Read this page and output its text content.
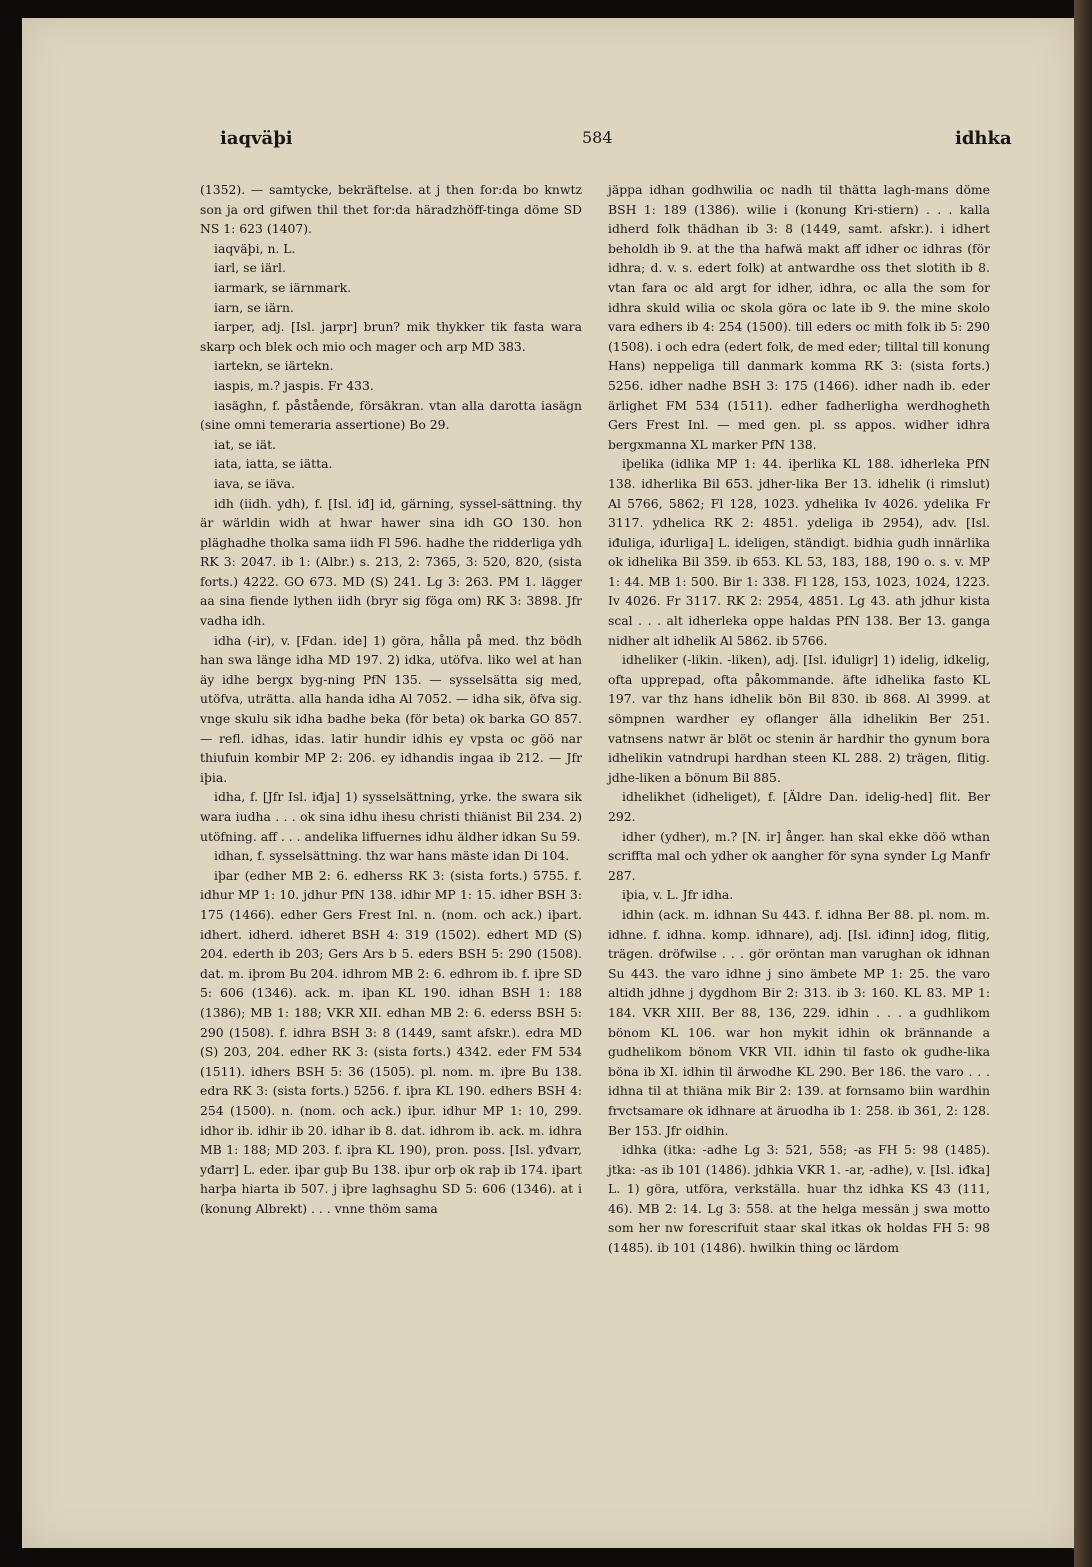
iaqväþi	584	idhka

(1352). — samtycke, bekräftelse. at j then for:da bo knwtz son ja ord gifwen thil thet for:da häradzhöff-tinga döme SD NS 1: 623 (1407).

iaqväþi, n. L.

iarl, se iärl.

iarmark, se iärnmark.

iarn, se iärn.

iarper, adj. [Isl. jarpr] brun? mik thykker tik fasta wara skarp och blek och mio och mager och arp MD 383.

iartekn, se iärtekn.

iaspis, m.? jaspis. Fr 433.

iasäghn, f. påstående, försäkran. vtan alla darotta iasägn (sine omni temeraria assertione) Bo 29.

iat, se iät.

iata, iatta, se iätta.

iava, se iäva.

idh (iidh. ydh), f. [Isl. iđ] id, gärning, syssel-sättning. thy är wärldin widh at hwar hawer sina idh GO 130. hon pläghadhe tholka sama iidh Fl 596. hadhe the ridderliga ydh RK 3: 2047. ib 1: (Albr.) s. 213, 2: 7365, 3: 520, 820, (sista forts.) 4222. GO 673. MD (S) 241. Lg 3: 263. PM 1. lägger aa sina fiende lythen iidh (bryr sig föga om) RK 3: 3898. Jfr vadha idh.

idha (-ir), v. [Fdan. ide] 1) göra, hålla på med. thz bödh han swa länge idha MD 197. 2) idka, utöfva. liko wel at han äy idhe bergx byg-ning PfN 135. — sysselsätta sig med, utöfva, uträtta. alla handa idha Al 7052. — idha sik, öfva sig. vnge skulu sik idha badhe beka (för beta) ok barka GO 857. — refl. idhas, idas. latir hundir idhis ey vpsta oc göö nar thiufuin kombir MP 2: 206. ey idhandis ingaa ib 212. — Jfr iþia.

idha, f. [Jfr Isl. iđja] 1) sysselsättning, yrke. the swara sik wara iudha . . . ok sina idhu ihesu christi thiänist Bil 234. 2) utöfning. aff . . . andelika liffuernes idhu äldher idkan Su 59.

idhan, f. sysselsättning. thz war hans mäste idan Di 104.

iþar (edher MB 2: 6. edherss RK 3: (sista forts.) 5755. f. idhur MP 1: 10. jdhur PfN 138. idhir MP 1: 15. idher BSH 3: 175 (1466). edher Gers Frest Inl. n. (nom. och ack.) iþart. idhert. idherd. idheret BSH 4: 319 (1502). edhert MD (S) 204. ederth ib 203; Gers Ars b 5. eders BSH 5: 290 (1508). dat. m. iþrom Bu 204. idhrom MB 2: 6. edhrom ib. f. iþre SD 5: 606 (1346). ack. m. iþan KL 190. idhan BSH 1: 188 (1386); MB 1: 188; VKR XII. edhan MB 2: 6. ederss BSH 5: 290 (1508). f. idhra BSH 3: 8 (1449, samt afskr.). edra MD (S) 203, 204. edher RK 3: (sista forts.) 4342. eder FM 534 (1511). idhers BSH 5: 36 (1505). pl. nom. m. iþre Bu 138. edra RK 3: (sista forts.) 5256. f. iþra KL 190. edhers BSH 4: 254 (1500). n. (nom. och ack.) iþur. idhur MP 1: 10, 299. idhor ib. idhir ib 20. idhar ib 8. dat. idhrom ib. ack. m. idhra MB 1: 188; MD 203. f. iþra KL 190), pron. poss. [Isl. yđvarr, yđarr] L. eder. iþar guþ Bu 138. iþur orþ ok raþ ib 174. iþart harþa hiarta ib 507. j iþre laghsaghu SD 5: 606 (1346). at i (konung Albrekt) . . . vnne thöm sama

jäppa idhan godhwilia oc nadh til thätta lagh-mans döme BSH 1: 189 (1386). wilie i (konung Kri-stiern) . . . kalla idherd folk thädhan ib 3: 8 (1449, samt. afskr.). i idhert beholdh ib 9. at the tha hafwä makt aff idher oc idhras (för idhra; d. v. s. edert folk) at antwardhe oss thet slotith ib 8. vtan fara oc ald argt for idher, idhra, oc alla the som for idhra skuld wilia oc skola göra oc late ib 9. the mine skolo vara edhers ib 4: 254 (1500). till eders oc mith folk ib 5: 290 (1508). i och edra (edert folk, de med eder; tilltal till konung Hans) neppeliga till danmark komma RK 3: (sista forts.) 5256. idher nadhe BSH 3: 175 (1466). idher nadh ib. eder ärlighet FM 534 (1511). edher fadherligha werdhogheth Gers Frest Inl. — med gen. pl. ss appos. widher idhra bergxmanna XL marker PfN 138.

iþelika (idlika MP 1: 44. iþerlika KL 188. idherleka PfN 138. idherlika Bil 653. jdher-lika Ber 13. idhelik (i rimslut) Al 5766, 5862; Fl 128, 1023. ydhelika Iv 4026. ydelika Fr 3117. ydhelica RK 2: 4851. ydeliga ib 2954), adv. [Isl. iđuliga, iđurliga] L. ideligen, ständigt. bidhia gudh innärlika ok idhelika Bil 359. ib 653. KL 53, 183, 188, 190 o. s. v. MP 1: 44. MB 1: 500. Bir 1: 338. Fl 128, 153, 1023, 1024, 1223. Iv 4026. Fr 3117. RK 2: 2954, 4851. Lg 43. ath jdhur kista scal . . . alt idherleka oppe haldas PfN 138. Ber 13. ganga nidher alt idhelik Al 5862. ib 5766.

idheliker (-likin. -liken), adj. [Isl. iđuligr] 1) idelig, idkelig, ofta upprepad, ofta påkommande. äfte idhelika fasto KL 197. var thz hans idhelik bön Bil 830. ib 868. Al 3999. at sömpnen wardher ey oflanger älla idhelikin Ber 251. vatnsens natwr är blöt oc stenin är hardhir tho gynum bora idhelikin vatndrupi hardhan steen KL 288. 2) trägen, flitig. jdhe-liken a bönum Bil 885.

idhelikhet (idheliget), f. [Äldre Dan. idelig-hed] flit. Ber 292.

idher (ydher), m.? [N. ir] ånger. han skal ekke döö wthan scriffta mal och ydher ok aangher för syna synder Lg Manfr 287.

iþia, v. L. Jfr idha.

idhin (ack. m. idhnan Su 443. f. idhna Ber 88. pl. nom. m. idhne. f. idhna. komp. idhnare), adj. [Isl. iđinn] idog, flitig, trägen. dröfwilse . . . gör oröntan man varughan ok idhnan Su 443. the varo idhne j sino ämbete MP 1: 25. the varo altidh jdhne j dygdhom Bir 2: 313. ib 3: 160. KL 83. MP 1: 184. VKR XIII. Ber 88, 136, 229. idhin . . . a gudhlikom bönom KL 106. war hon mykit idhin ok brännande a gudhelikom bönom VKR VII. idhin til fasto ok gudhe-lika böna ib XI. idhin til ärwodhe KL 290. Ber 186. the varo . . . idhna til at thiäna mik Bir 2: 139. at fornsamo biin wardhin frvctsamare ok idhnare at äruodha ib 1: 258. ib 361, 2: 128. Ber 153. Jfr oidhin.

idhka (itka: -adhe Lg 3: 521, 558; -as FH 5: 98 (1485). jtka: -as ib 101 (1486). jdhkia VKR 1. -ar, -adhe), v. [Isl. iđka] L. 1) göra, utföra, verkställa. huar thz idhka KS 43 (111, 46). MB 2: 14. Lg 3: 558. at the helga messän j swa motto som her nw forescrifuit staar skal itkas ok holdas FH 5: 98 (1485). ib 101 (1486). hwilkin thing oc lärdom
